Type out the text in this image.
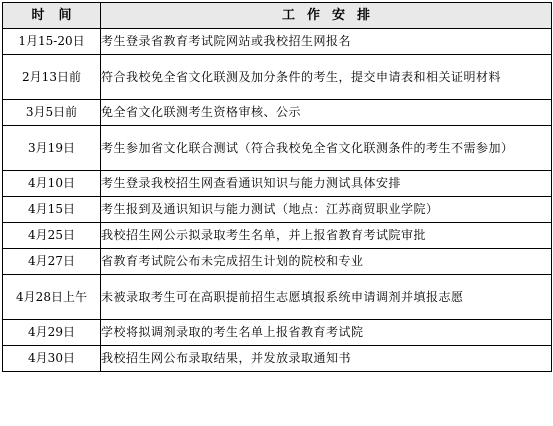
时间	工作安排
1月15-20日	考生登录省教育考试院网站或我校招生网报名
2月13日前	符合我校免全省文化联测及加分条件的考生，提交申请表和相关证明材料
3月5日前	免全省文化联测考生资格审核、公示
3月19日	考生参加省文化联合测试（符合我校免全省文化联测条件的考生不需参加）
4月10日	考生登录我校招生网查看通识知识与能力测试具体安排
4月15日	考生报到及通识知识与能力测试（地点：江苏商贸职业学院）
4月25日	我校招生网公示拟录取考生名单，并上报省教育考试院审批
4月27日	省教育考试院公布未完成招生计划的院校和专业
4月28日上午	未被录取考生可在高职提前招生志愿填报系统申请调剂并填报志愿
4月29日	学校将拟调剂录取的考生名单上报省教育考试院
4月30日	我校招生网公布录取结果，并发放录取通知书
